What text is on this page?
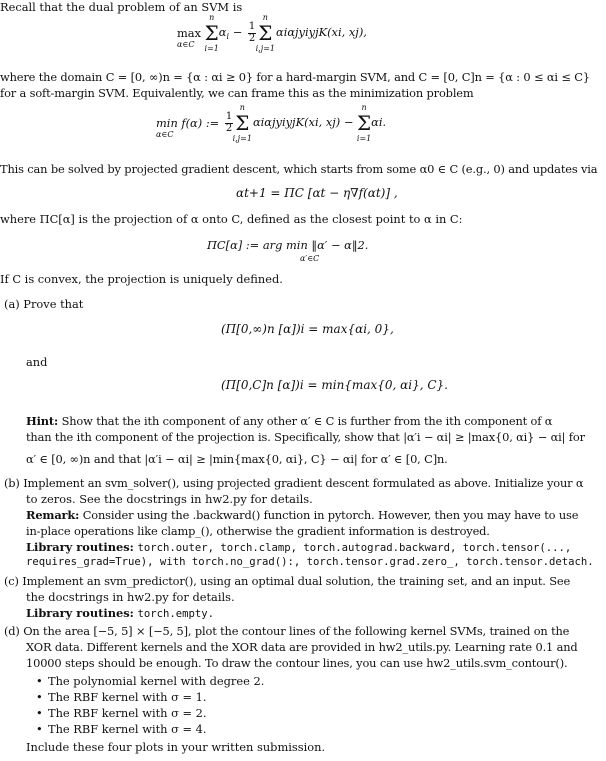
Recall that the dual problem of an SVM is
max
α∈C Σ
n
i=1
$\alpha_i - \frac{1}{2}$ Σ
n
i,j=1
αiαjyiyjK(xi, xj),
where the domain C = [0, ∞)n = {α : αi ≥ 0} for a hard-margin SVM, and C = [0, C]n = {α : 0 ≤ αi ≤ C}
for a soft-margin SVM. Equivalently, we can frame this as the minimization problem
min f(α) :=
α∈C

$\frac{1}{2}$ Σ
n
i,j=1
αiαjyiyjK(xi, xj) − Σ
n
i=1
αi.
This can be solved by projected gradient descent, which starts from some α0 ∈ C (e.g., 0) and updates via
αt+1 = ΠC [αt − η∇f(αt)] ,
where ΠC[α] is the projection of α onto C, defined as the closest point to α in C:
ΠC[α] := arg min ‖α′ − α‖2.
α′∈C
If C is convex, the projection is uniquely defined.
(a) Prove that
(Π[0,∞)n [α])i = max{αi, 0},
and
(Π[0,C]n [α])i = min{max{0, αi}, C}.
Hint: Show that the ith component of any other α′ ∈ C is further from the ith component of α
than the ith component of the projection is. Specifically, show that |α′i − αi| ≥ |max{0, αi} − αi| for
α′ ∈ [0, ∞)n and that |α′i − αi| ≥ |min{max{0, αi}, C} − αi| for α′ ∈ [0, C]n.
(b) Implement an svm_solver(), using projected gradient descent formulated as above. Initialize your α
to zeros. See the docstrings in hw2.py for details.
Remark: Consider using the .backward() function in pytorch. However, then you may have to use
in-place operations like clamp_(), otherwise the gradient information is destroyed.
Library routines: torch.outer, torch.clamp, torch.autograd.backward, torch.tensor(...,
requires_grad=True), with torch.no_grad():, torch.tensor.grad.zero_, torch.tensor.detach.
(c) Implement an svm_predictor(), using an optimal dual solution, the training set, and an input. See
the docstrings in hw2.py for details.
Library routines: torch.empty.
(d) On the area [−5, 5] × [−5, 5], plot the contour lines of the following kernel SVMs, trained on the
XOR data. Different kernels and the XOR data are provided in hw2_utils.py. Learning rate 0.1 and
10000 steps should be enough. To draw the contour lines, you can use hw2_utils.svm_contour().
• The polynomial kernel with degree 2.
• The RBF kernel with σ = 1.
• The RBF kernel with σ = 2.
• The RBF kernel with σ = 4.
Include these four plots in your written submission.
